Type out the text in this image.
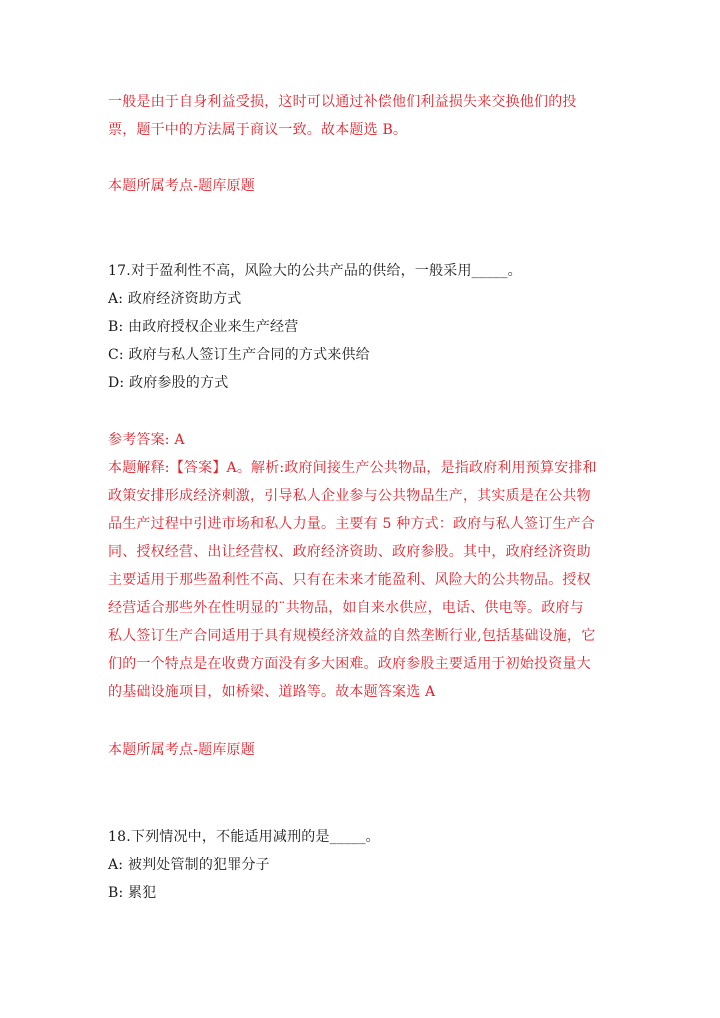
一般是由于自身利益受损，这时可以通过补偿他们利益损失来交换他们的投
票，题干中的方法属于商议一致。故本题选 B。
本题所属考点-题库原题
17.对于盈利性不高，风险大的公共产品的供给，一般采用_____。
A: 政府经济资助方式
B: 由政府授权企业来生产经营
C: 政府与私人签订生产合同的方式来供给
D: 政府参股的方式
参考答案: A
本题解释:【答案】A。解析:政府间接生产公共物品，是指政府利用预算安排和
政策安排形成经济刺激，引导私人企业参与公共物品生产，其实质是在公共物
品生产过程中引进市场和私人力量。主要有 5 种方式：政府与私人签订生产合
同、授权经营、出让经营权、政府经济资助、政府参股。其中，政府经济资助
主要适用于那些盈利性不高、只有在未来才能盈利、风险大的公共物品。授权
经营适合那些外在性明显的¨共物品，如自来水供应，电话、供电等。政府与
私人签订生产合同适用于具有规模经济效益的自然垄断行业,包括基础设施，它
们的一个特点是在收费方面没有多大困难。政府参股主要适用于初始投资量大
的基础设施项目，如桥梁、道路等。故本题答案选 A
本题所属考点-题库原题
18.下列情况中，不能适用减刑的是_____。
A: 被判处管制的犯罪分子
B: 累犯
